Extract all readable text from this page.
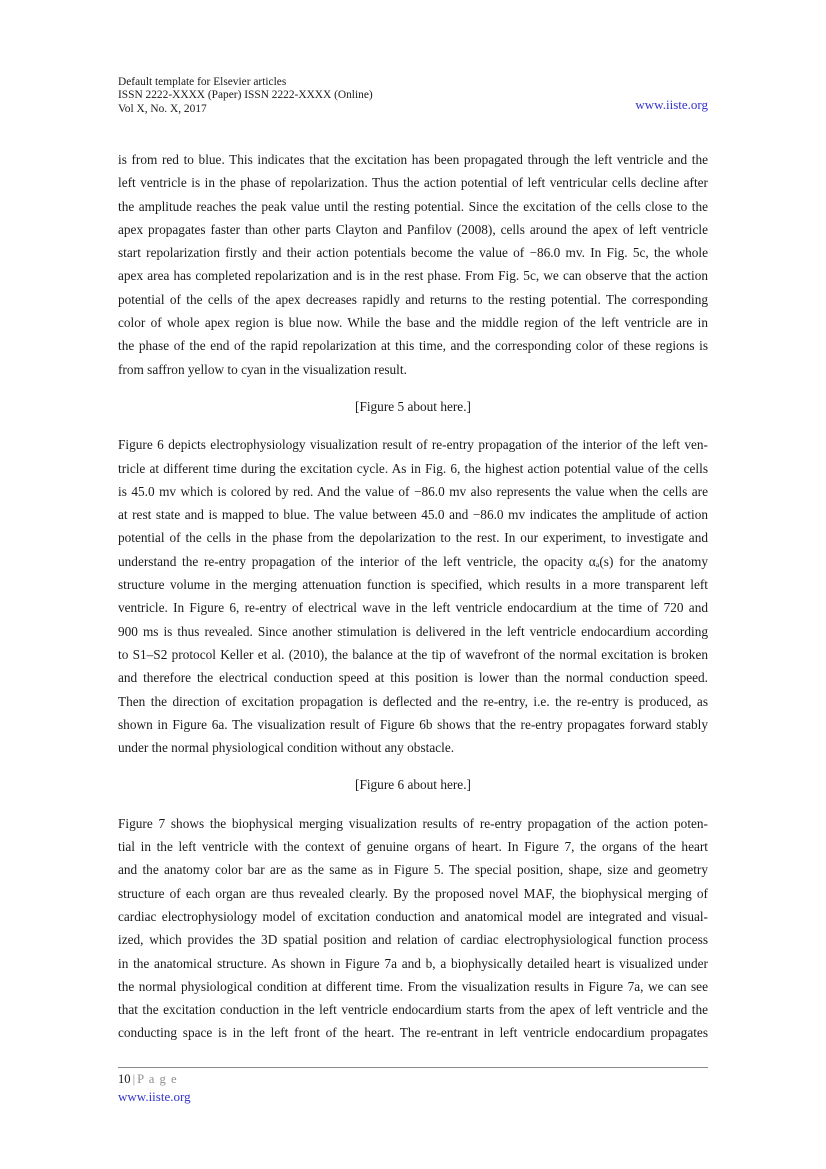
Default template for Elsevier articles
ISSN 2222-XXXX (Paper) ISSN 2222-XXXX (Online)
Vol X, No. X, 2017	www.iiste.org
is from red to blue. This indicates that the excitation has been propagated through the left ventricle and the
left ventricle is in the phase of repolarization. Thus the action potential of left ventricular cells decline after
the amplitude reaches the peak value until the resting potential. Since the excitation of the cells close to the
apex propagates faster than other parts Clayton and Panfilov (2008), cells around the apex of left ventricle
start repolarization firstly and their action potentials become the value of −86.0 mv. In Fig. 5c, the whole
apex area has completed repolarization and is in the rest phase. From Fig. 5c, we can observe that the action
potential of the cells of the apex decreases rapidly and returns to the resting potential. The corresponding
color of whole apex region is blue now. While the base and the middle region of the left ventricle are in
the phase of the end of the rapid repolarization at this time, and the corresponding color of these regions is
from saffron yellow to cyan in the visualization result.
[Figure 5 about here.]
Figure 6 depicts electrophysiology visualization result of re-entry propagation of the interior of the left ven-
tricle at different time during the excitation cycle. As in Fig. 6, the highest action potential value of the cells
is 45.0 mv which is colored by red. And the value of −86.0 mv also represents the value when the cells are
at rest state and is mapped to blue. The value between 45.0 and −86.0 mv indicates the amplitude of action
potential of the cells in the phase from the depolarization to the rest. In our experiment, to investigate and
understand the re-entry propagation of the interior of the left ventricle, the opacity αₐ(s) for the anatomy
structure volume in the merging attenuation function is specified, which results in a more transparent left
ventricle. In Figure 6, re-entry of electrical wave in the left ventricle endocardium at the time of 720 and
900 ms is thus revealed. Since another stimulation is delivered in the left ventricle endocardium according
to S1–S2 protocol Keller et al. (2010), the balance at the tip of wavefront of the normal excitation is broken
and therefore the electrical conduction speed at this position is lower than the normal conduction speed.
Then the direction of excitation propagation is deflected and the re-entry, i.e. the re-entry is produced, as
shown in Figure 6a. The visualization result of Figure 6b shows that the re-entry propagates forward stably
under the normal physiological condition without any obstacle.
[Figure 6 about here.]
Figure 7 shows the biophysical merging visualization results of re-entry propagation of the action poten-
tial in the left ventricle with the context of genuine organs of heart. In Figure 7, the organs of the heart
and the anatomy color bar are as the same as in Figure 5. The special position, shape, size and geometry
structure of each organ are thus revealed clearly. By the proposed novel MAF, the biophysical merging of
cardiac electrophysiology model of excitation conduction and anatomical model are integrated and visual-
ized, which provides the 3D spatial position and relation of cardiac electrophysiological function process
in the anatomical structure. As shown in Figure 7a and b, a biophysically detailed heart is visualized under
the normal physiological condition at different time. From the visualization results in Figure 7a, we can see
that the excitation conduction in the left ventricle endocardium starts from the apex of left ventricle and the
conducting space is in the left front of the heart. The re-entrant in left ventricle endocardium propagates
10 | P a g e
www.iiste.org
